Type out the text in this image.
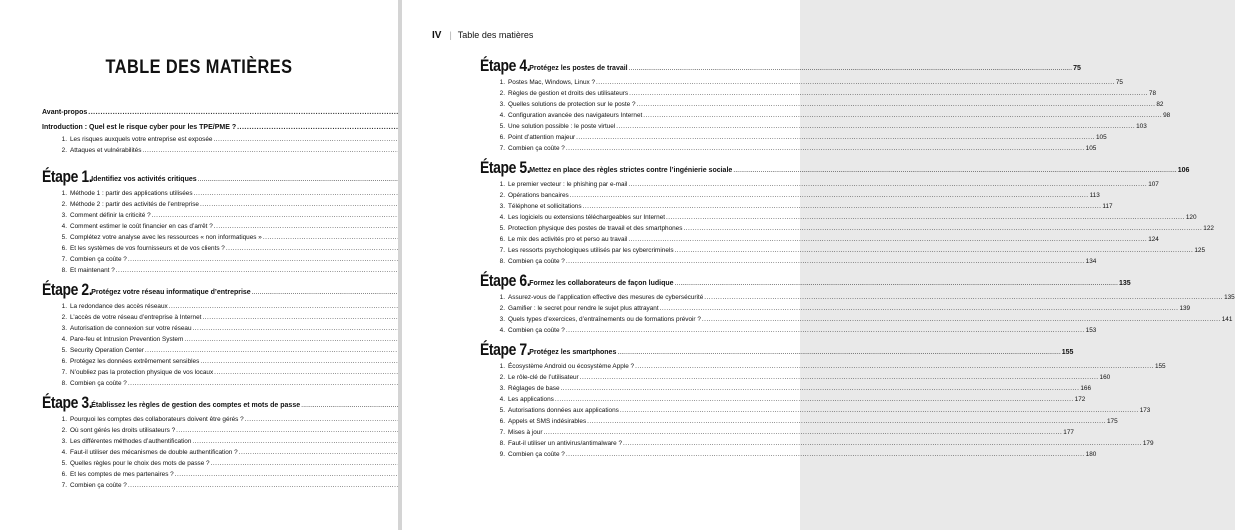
TABLE DES MATIÈRES
Avant-propos
.....
Introduction : Quel est le risque cyber pour les TPE/PME ?
.....
1. Les risques auxquels votre entreprise est exposée
.....
2. Attaques et vulnérabilités
.....
Étape 1. Identifiez vos activités critiques
.....
1. Méthode 1 : partir des applications utilisées
.....
2. Méthode 2 : partir des activités de l’entreprise
.....
3. Comment définir la criticité ?
.....
4. Comment estimer le coût financier en cas d’arrêt ?
.....
5. Complétez votre analyse avec les ressources « non informatiques »
.....
6. Et les systèmes de vos fournisseurs et de vos clients ?
.....
7. Combien ça coûte ?
.....
8. Et maintenant ?
.....
Étape 2. Protégez votre réseau informatique d’entreprise
.....
1. La redondance des accès réseaux
.....
2. L’accès de votre réseau d’entreprise à Internet
.....
3. Autorisation de connexion sur votre réseau
.....
4. Pare-feu et Intrusion Prevention System
.....
5. Security Operation Center
.....
6. Protégez les données extrêmement sensibles
.....
7. N’oubliez pas la protection physique de vos locaux
.....
8. Combien ça coûte ?
.....
Étape 3. Établissez les règles de gestion des comptes et mots de passe
.....
1. Pourquoi les comptes des collaborateurs doivent être gérés ?
.....
2. Où sont gérés les droits utilisateurs ?
.....
3. Les différentes méthodes d’authentification
.....
4. Faut-il utiliser des mécanismes de double authentification ?
.....
5. Quelles règles pour le choix des mots de passe ?
.....
6. Et les comptes de mes partenaires ?
.....
7. Combien ça coûte ?
.....
IV | Table des matières
Étape 4. Protégez les postes de travail .....	75
1. Postes Mac, Windows, Linux ? .....	75
2. Règles de gestion et droits des utilisateurs .....	78
3. Quelles solutions de protection sur le poste ? .....	82
4. Configuration avancée des navigateurs Internet .....	98
5. Une solution possible : le poste virtuel .....	103
6. Point d’attention majeur .....	105
7. Combien ça coûte ? .....	105
Étape 5. Mettez en place des règles strictes contre l’ingénierie sociale .....	106
1. Le premier vecteur : le phishing par e-mail .....	107
2. Opérations bancaires .....	113
3. Téléphone et sollicitations .....	117
4. Les logiciels ou extensions téléchargeables sur Internet .....	120
5. Protection physique des postes de travail et des smartphones .....	122
6. Le mix des activités pro et perso au travail .....	124
7. Les ressorts psychologiques utilisés par les cybercriminels .....	125
8. Combien ça coûte ? .....	134
Étape 6. Formez les collaborateurs de façon ludique .....	135
1. Assurez-vous de l’application effective des mesures de cybersécurité .....	135
2. Gamifier : le secret pour rendre le sujet plus attrayant .....	139
3. Quels types d’exercices, d’entraînements ou de formations prévoir ? .....	141
4. Combien ça coûte ? .....	153
Étape 7. Protégez les smartphones .....	155
1. Écosystème Android ou écosystème Apple ? .....	155
2. Le rôle-clé de l’utilisateur .....	160
3. Réglages de base .....	166
4. Les applications .....	172
5. Autorisations données aux applications .....	173
6. Appels et SMS indésirables .....	175
7. Mises à jour .....	177
8. Faut-il utiliser un antivirus/antimalware ? .....	179
9. Combien ça coûte ? .....	180
